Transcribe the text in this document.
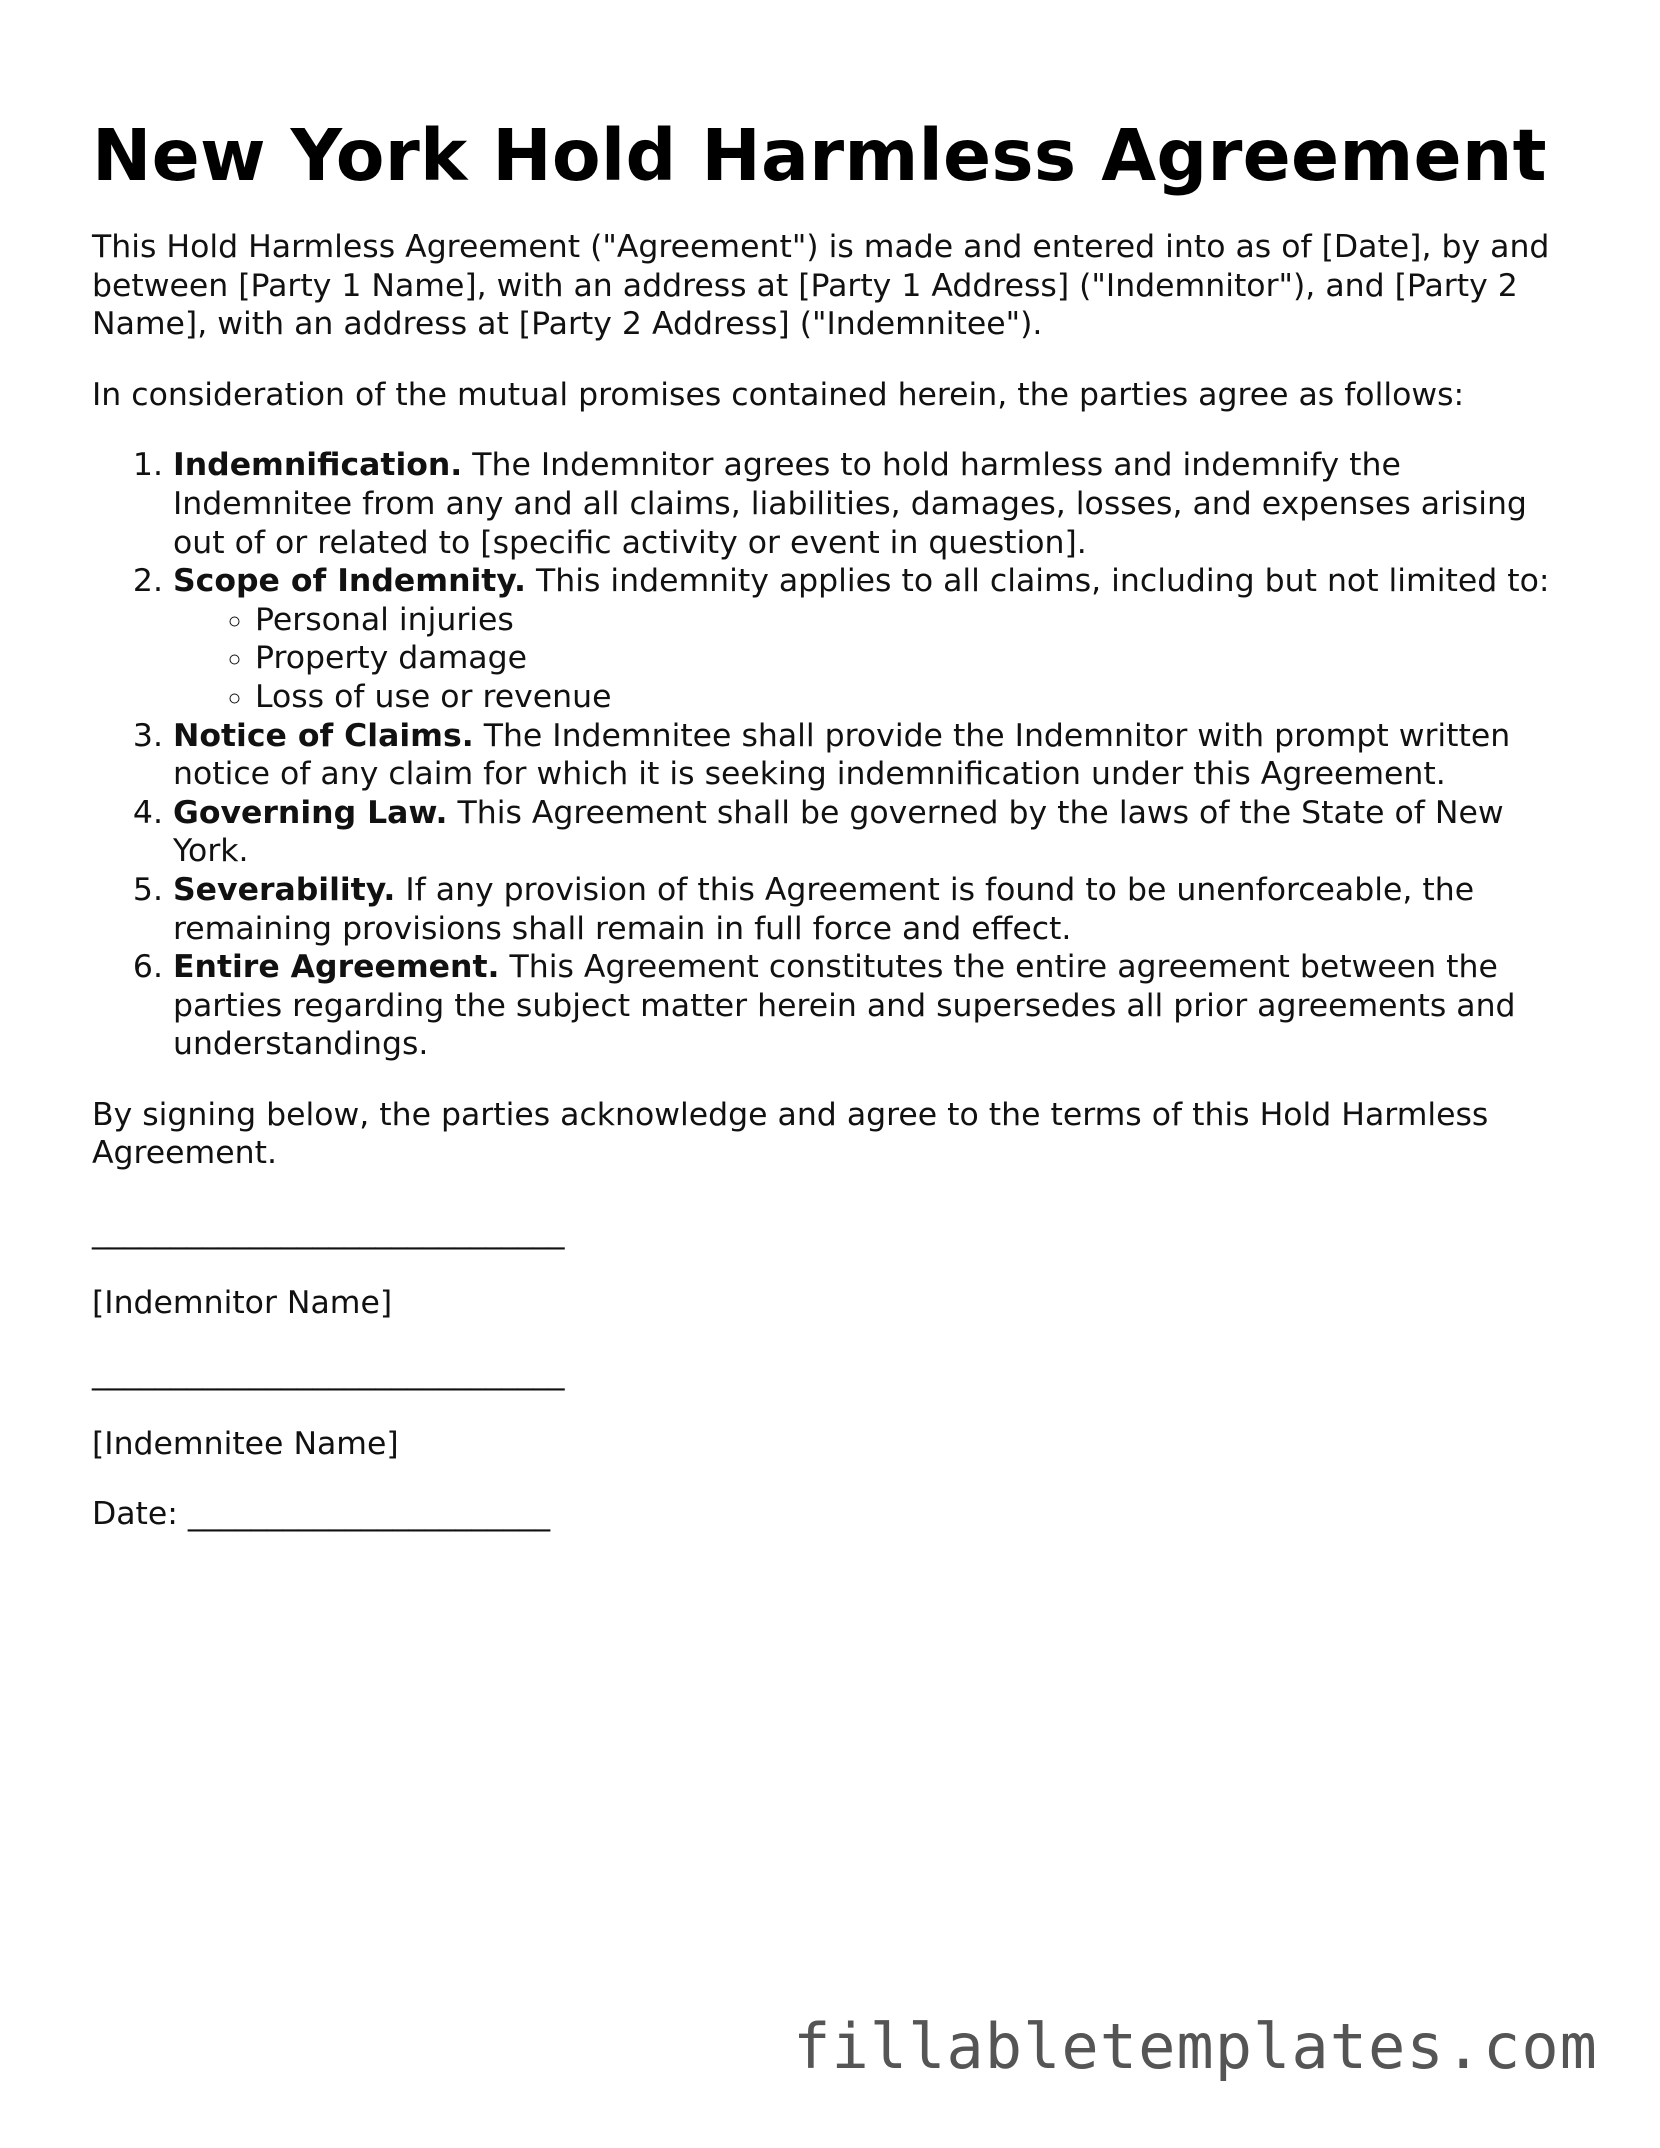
New York Hold Harmless Agreement

This Hold Harmless Agreement ("Agreement") is made and entered into as of [Date], by and between [Party 1 Name], with an address at [Party 1 Address] ("Indemnitor"), and [Party 2 Name], with an address at [Party 2 Address] ("Indemnitee").

In consideration of the mutual promises contained herein, the parties agree as follows:

1. Indemnification. The Indemnitor agrees to hold harmless and indemnify the Indemnitee from any and all claims, liabilities, damages, losses, and expenses arising out of or related to [specific activity or event in question].
2. Scope of Indemnity. This indemnity applies to all claims, including but not limited to:
◦ Personal injuries
◦ Property damage
◦ Loss of use or revenue
3. Notice of Claims. The Indemnitee shall provide the Indemnitor with prompt written notice of any claim for which it is seeking indemnification under this Agreement.
4. Governing Law. This Agreement shall be governed by the laws of the State of New York.
5. Severability. If any provision of this Agreement is found to be unenforceable, the remaining provisions shall remain in full force and effect.
6. Entire Agreement. This Agreement constitutes the entire agreement between the parties regarding the subject matter herein and supersedes all prior agreements and understandings.

By signing below, the parties acknowledge and agree to the terms of this Hold Harmless Agreement.

______________________________

[Indemnitor Name]

______________________________

[Indemnitee Name]

Date: _______________________

fillabletemplates.com
